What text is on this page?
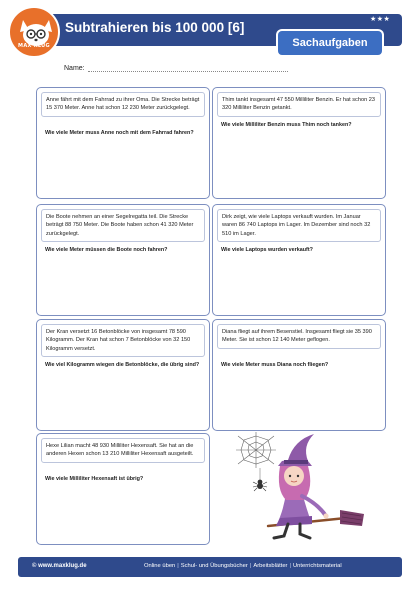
MAX KLUG
Subtrahieren bis 100 000 [6]
★★★
Sachaufgaben
Name:
Anne fährt mit dem Fahrrad zu ihrer Oma. Die Strecke beträgt 15 370 Meter. Anne hat schon 12 230 Meter zurückgelegt.
Wie viele Meter muss Anne noch mit dem Fahrrad fahren?
Thim tankt insgesamt 47 550 Milliliter Benzin. Er hat schon 23 320 Milliliter Benzin getankt.
Wie viele Milliliter Benzin muss Thim noch tanken?
Die Boote nehmen an einer Segelregatta teil. Die Strecke beträgt 88 750 Meter. Die Boote haben schon 41 320 Meter zurückgelegt.
Wie viele Meter müssen die Boote noch fahren?
Dirk zeigt, wie viele Laptops verkauft wurden. Im Januar waren 86 740 Laptops im Lager. Im Dezember sind noch 32 510 im Lager.
Wie viele Laptops wurden verkauft?
Der Kran versetzt 16 Betonblöcke von insgesamt 78 590 Kilogramm. Der Kran hat schon 7 Betonblöcke von 32 150 Kilogramm versetzt.
Wie viel Kilogramm wiegen die Betonblöcke, die übrig sind?
Diana fliegt auf ihrem Besenstiel. Insgesamt fliegt sie 35 390 Meter. Sie ist schon 12 140 Meter geflogen.
Wie viele Meter muss Diana noch fliegen?
Hexe Lilian macht 48 930 Milliliter Hexensaft. Sie hat an die anderen Hexen schon 13 210 Milliliter Hexensaft ausgeteilt.
Wie viele Milliliter Hexensaft ist übrig?
© www.maxklug.de	Online üben | Schul- und Übungsbücher | Arbeitsblätter | Unterrichtsmaterial
